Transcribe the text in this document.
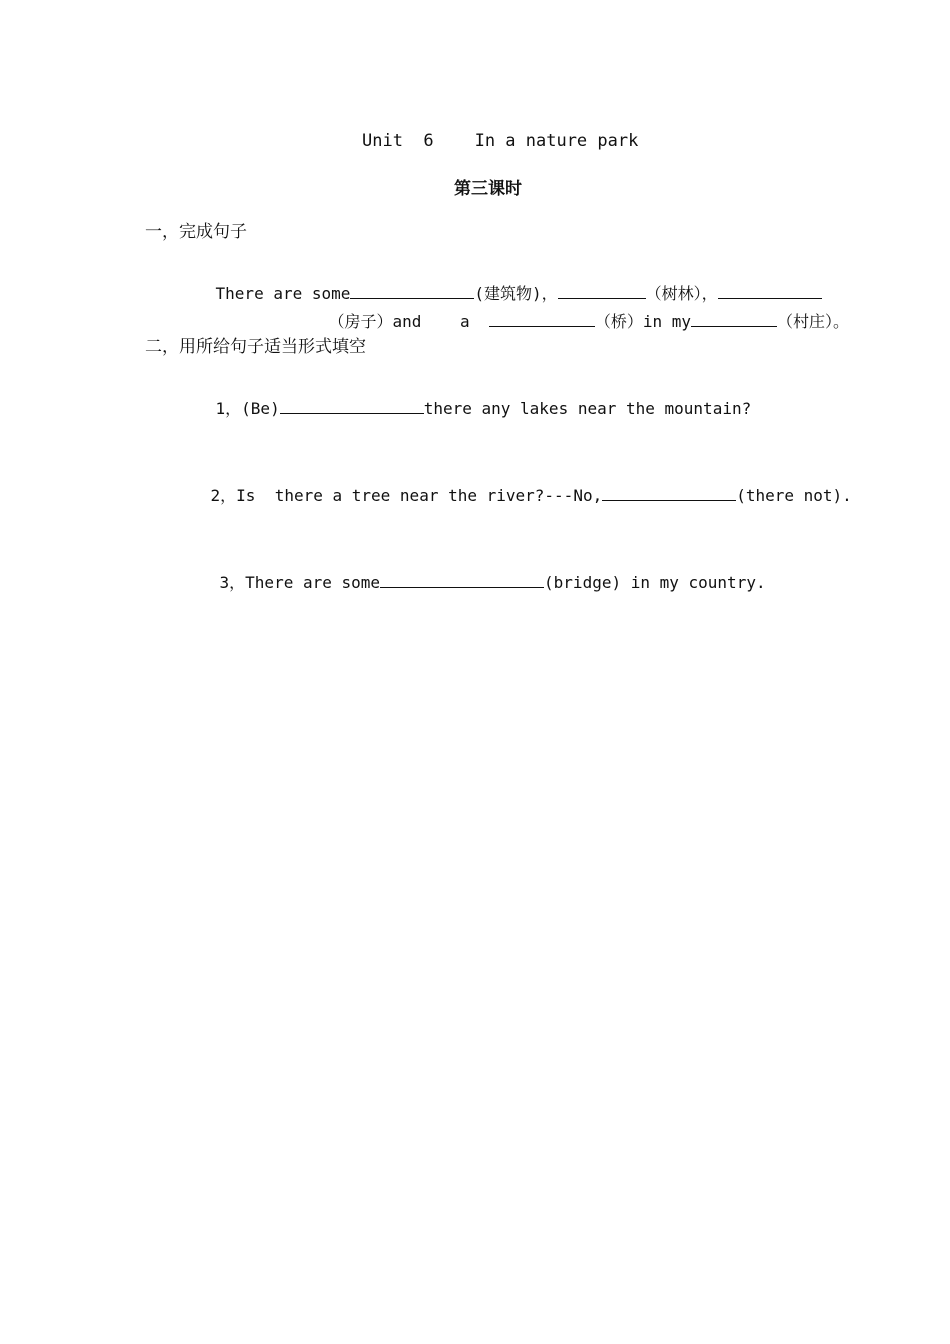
Unit  6    In a nature park
第三课时
一，完成句子

There are some	(建筑物)，	（树林），

（房子）and    a	（桥）in my	（村庄）。

二，用所给句子适当形式填空

1，(Be)	there any lakes near the mountain?

2，Is  there a tree near the river?---No,	(there not).

3，There are some	(bridge) in my country.
